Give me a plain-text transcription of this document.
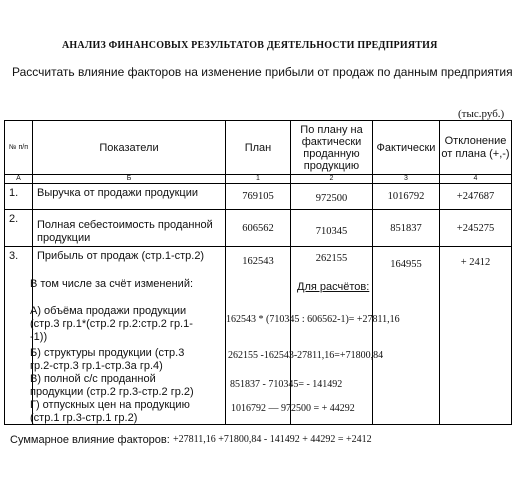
АНАЛИЗ ФИНАНСОВЫХ РЕЗУЛЬТАТОВ ДЕЯТЕЛЬНОСТИ ПРЕДПРИЯТИЯ
Рассчитать влияние факторов на изменение прибыли от продаж по данным предприятия
(тыс.руб.)
№ п/п	Показатели	План	По плану на фактически проданную продукцию	Фактически	Отклонение от плана (+,-)
А	Б	1	2	3	4
1.	Выручка от продажи продукции	769105	972500	1016792	+247687
2.	Полная себестоимость проданной продукции	606562	710345	851837	+245275
3.	Прибыль от продаж (стр.1-стр.2)	162543	262155	164955	+ 2412
В том числе за счёт изменений:
А) объёма продажи продукции (стр.3 гр.1*(стр.2 гр.2:стр.2 гр.1--1))
Б) структуры продукции (стр.3 гр.2-стр.3 гр.1-стр.3а гр.4)
В) полной с/с проданной продукции (стр.2 гр.3-стр.2 гр.2)
Г) отпускных цен на продукцию (стр.1 гр.3-стр.1 гр.2)
Для расчётов:
162543 * (710345 : 606562-1)= +27811,16
262155 -162543-27811,16=+71800,84
851837 - 710345= - 141492
1016792 — 972500 = + 44292
Суммарное влияние факторов: +27811,16 +71800,84 - 141492 + 44292 = +2412
